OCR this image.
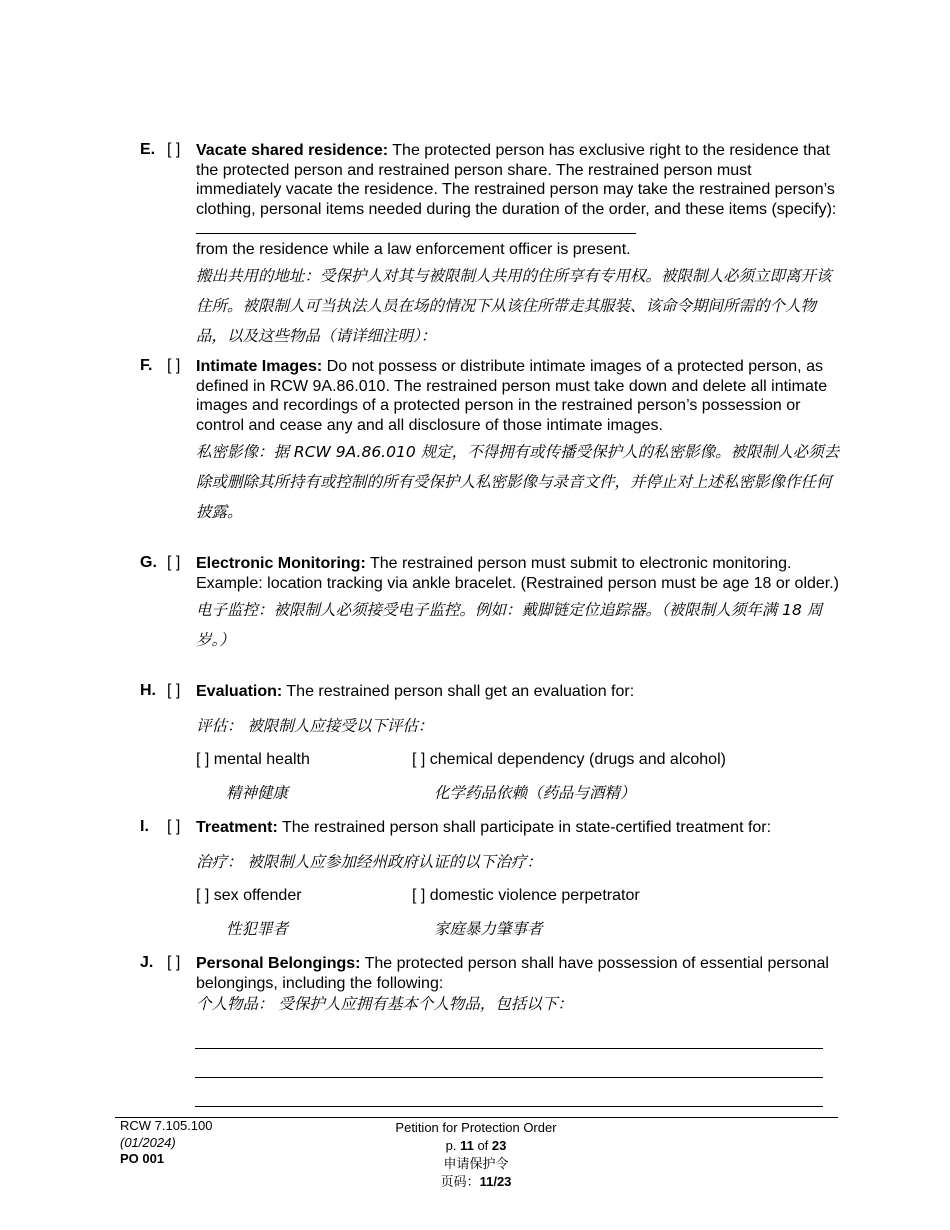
E. [ ] Vacate shared residence: The protected person has exclusive right to the residence that the protected person and restrained person share. The restrained person must immediately vacate the residence. The restrained person may take the restrained person’s clothing, personal items needed during the duration of the order, and these items (specify):
from the residence while a law enforcement officer is present.
搬出共用的地址：受保护人对其与被限制人共用的住所享有专用权。被限制人必须立即离开该住所。被限制人可当执法人员在场的情况下从该住所带走其服装、该命令期间所需的个人物品，以及这些物品（请详细注明）：
F. [ ] Intimate Images: Do not possess or distribute intimate images of a protected person, as defined in RCW 9A.86.010. The restrained person must take down and delete all intimate images and recordings of a protected person in the restrained person’s possession or control and cease any and all disclosure of those intimate images.
私密影像：据 RCW 9A.86.010 规定，不得拥有或传播受保护人的私密影像。被限制人必须去除或删除其所持有或控制的所有受保护人私密影像与录音文件，并停止对上述私密影像作任何披露。
G. [ ] Electronic Monitoring: The restrained person must submit to electronic monitoring. Example: location tracking via ankle bracelet. (Restrained person must be age 18 or older.)
电子监控：被限制人必须接受电子监控。例如：戴脚链定位追踪器。（被限制人须年满 18 周岁。）
H. [ ] Evaluation: The restrained person shall get an evaluation for:
评估： 被限制人应接受以下评估：
[ ] mental health	[ ] chemical dependency (drugs and alcohol)
精神健康	化学药品依赖（药品与酒精）
I. [ ] Treatment: The restrained person shall participate in state-certified treatment for:
治疗： 被限制人应参加经州政府认证的以下治疗：
[ ] sex offender	[ ] domestic violence perpetrator
性犯罪者	家庭暴力肇事者
J. [ ] Personal Belongings: The protected person shall have possession of essential personal belongings, including the following:
个人物品： 受保护人应拥有基本个人物品，包括以下：
RCW 7.105.100
(01/2024)
PO 001
Petition for Protection Order
p. 11 of 23
申请保护令
页码：11/23
